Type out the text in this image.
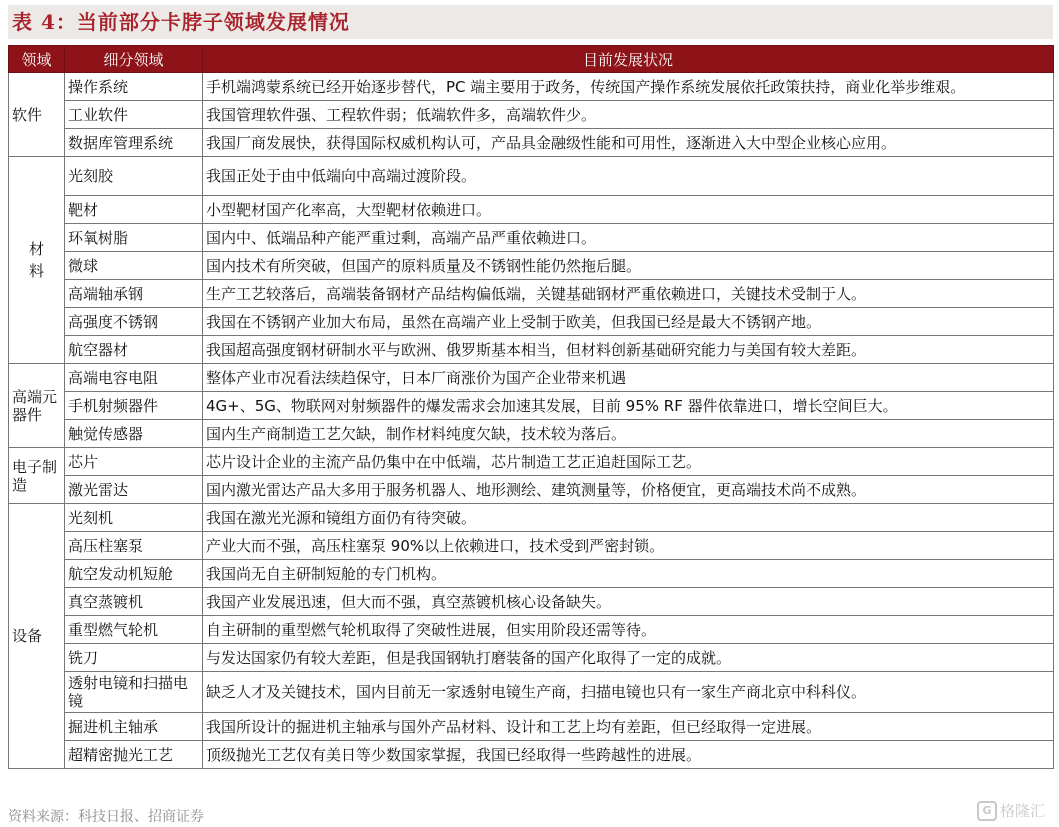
表 4：当前部分卡脖子领域发展情况
领域	细分领域	目前发展状况
软件	操作系统	手机端鸿蒙系统已经开始逐步替代，PC 端主要用于政务，传统国产操作系统发展依托政策扶持，商业化举步维艰。
	工业软件	我国管理软件强、工程软件弱；低端软件多，高端软件少。
	数据库管理系统	我国厂商发展快，获得国际权威机构认可，产品具金融级性能和可用性，逐渐进入大中型企业核心应用。
材料	光刻胶	我国正处于由中低端向中高端过渡阶段。
	靶材	小型靶材国产化率高，大型靶材依赖进口。
	环氧树脂	国内中、低端品种产能严重过剩，高端产品严重依赖进口。
	微球	国内技术有所突破，但国产的原料质量及不锈钢性能仍然拖后腿。
	高端轴承钢	生产工艺较落后，高端装备钢材产品结构偏低端，关键基础钢材严重依赖进口，关键技术受制于人。
	高强度不锈钢	我国在不锈钢产业加大布局，虽然在高端产业上受制于欧美，但我国已经是最大不锈钢产地。
	航空器材	我国超高强度钢材研制水平与欧洲、俄罗斯基本相当，但材料创新基础研究能力与美国有较大差距。
高端元器件	高端电容电阻	整体产业市况看法续趋保守，日本厂商涨价为国产企业带来机遇
	手机射频器件	4G+、5G、物联网对射频器件的爆发需求会加速其发展，目前 95% RF 器件依靠进口，增长空间巨大。
	触觉传感器	国内生产商制造工艺欠缺，制作材料纯度欠缺，技术较为落后。
电子制造	芯片	芯片设计企业的主流产品仍集中在中低端，芯片制造工艺正追赶国际工艺。
	激光雷达	国内激光雷达产品大多用于服务机器人、地形测绘、建筑测量等，价格便宜，更高端技术尚不成熟。
设备	光刻机	我国在激光光源和镜组方面仍有待突破。
	高压柱塞泵	产业大而不强，高压柱塞泵 90%以上依赖进口，技术受到严密封锁。
	航空发动机短舱	我国尚无自主研制短舱的专门机构。
	真空蒸镀机	我国产业发展迅速，但大而不强，真空蒸镀机核心设备缺失。
	重型燃气轮机	自主研制的重型燃气轮机取得了突破性进展，但实用阶段还需等待。
	铣刀	与发达国家仍有较大差距，但是我国钢轨打磨装备的国产化取得了一定的成就。
	透射电镜和扫描电镜	缺乏人才及关键技术，国内目前无一家透射电镜生产商，扫描电镜也只有一家生产商北京中科科仪。
	掘进机主轴承	我国所设计的掘进机主轴承与国外产品材料、设计和工艺上均有差距，但已经取得一定进展。
	超精密抛光工艺	顶级抛光工艺仅有美日等少数国家掌握，我国已经取得一些跨越性的进展。
资料来源：科技日报、招商证券	G 格隆汇
